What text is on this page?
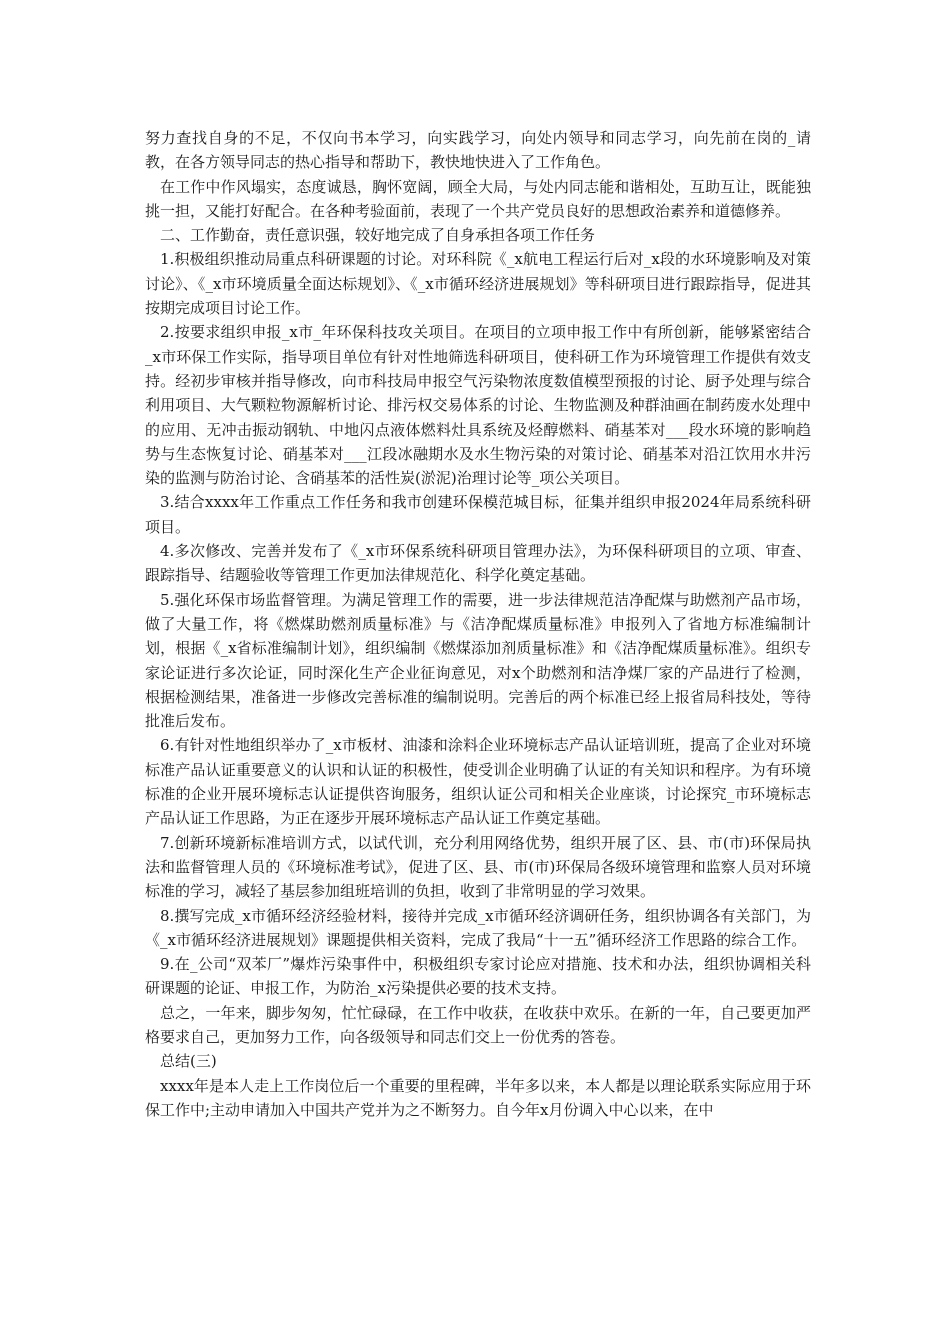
努力查找自身的不足，不仅向书本学习，向实践学习，向处内领导和同志学习，向先前在岗的_请教，在各方领导同志的热心指导和帮助下，教快地快进入了工作角色。

在工作中作风塌实，态度诚恳，胸怀宽阔，顾全大局，与处内同志能和谐相处，互助互让，既能独挑一担，又能打好配合。在各种考验面前，表现了一个共产党员良好的思想政治素养和道德修养。

二、工作勤奋，责任意识强，较好地完成了自身承担各项工作任务

1.积极组织推动局重点科研课题的讨论。对环科院《_x航电工程运行后对_x段的水环境影响及对策讨论》、《_x市环境质量全面达标规划》、《_x市循环经济进展规划》等科研项目进行跟踪指导，促进其按期完成项目讨论工作。

2.按要求组织申报_x市_年环保科技攻关项目。在项目的立项申报工作中有所创新，能够紧密结合_x市环保工作实际，指导项目单位有针对性地筛选科研项目，使科研工作为环境管理工作提供有效支持。经初步审核并指导修改，向市科技局申报空气污染物浓度数值模型预报的讨论、厨予处理与综合利用项目、大气颗粒物源解析讨论、排污权交易体系的讨论、生物监测及种群油画在制药废水处理中的应用、无冲击振动钢轨、中地闪点液体燃料灶具系统及烃醇燃料、硝基苯对___段水环境的影响趋势与生态恢复讨论、硝基苯对___江段冰融期水及水生物污染的对策讨论、硝基苯对沿江饮用水井污染的监测与防治讨论、含硝基苯的活性炭(淤泥)治理讨论等_项公关项目。

3.结合xxxx年工作重点工作任务和我市创建环保模范城目标，征集并组织申报2024年局系统科研项目。

4.多次修改、完善并发布了《_x市环保系统科研项目管理办法》，为环保科研项目的立项、审查、跟踪指导、结题验收等管理工作更加法律规范化、科学化奠定基础。

5.强化环保市场监督管理。为满足管理工作的需要，进一步法律规范洁净配煤与助燃剂产品市场，做了大量工作，将《燃煤助燃剂质量标准》与《洁净配煤质量标准》申报列入了省地方标准编制计划，根据《_x省标准编制计划》，组织编制《燃煤添加剂质量标准》和《洁净配煤质量标准》。组织专家论证进行多次论证，同时深化生产企业征询意见，对x个助燃剂和洁净煤厂家的产品进行了检测，根据检测结果，准备进一步修改完善标准的编制说明。完善后的两个标准已经上报省局科技处，等待批准后发布。

6.有针对性地组织举办了_x市板材、油漆和涂料企业环境标志产品认证培训班，提高了企业对环境标准产品认证重要意义的认识和认证的积极性，使受训企业明确了认证的有关知识和程序。为有环境标准的企业开展环境标志认证提供咨询服务，组织认证公司和相关企业座谈，讨论探究_市环境标志产品认证工作思路，为正在逐步开展环境标志产品认证工作奠定基础。

7.创新环境新标准培训方式，以试代训，充分利用网络优势，组织开展了区、县、市(市)环保局执法和监督管理人员的《环境标准考试》，促进了区、县、市(市)环保局各级环境管理和监察人员对环境标准的学习，减轻了基层参加组班培训的负担，收到了非常明显的学习效果。

8.撰写完成_x市循环经济经验材料，接待并完成_x市循环经济调研任务，组织协调各有关部门，为《_x市循环经济进展规划》课题提供相关资料，完成了我局“十一五”循环经济工作思路的综合工作。

9.在_公司“双苯厂”爆炸污染事件中，积极组织专家讨论应对措施、技术和办法，组织协调相关科研课题的论证、申报工作，为防治_x污染提供必要的技术支持。

总之，一年来，脚步匆匆，忙忙碌碌，在工作中收获，在收获中欢乐。在新的一年，自己要更加严格要求自己，更加努力工作，向各级领导和同志们交上一份优秀的答卷。

总结(三)

xxxx年是本人走上工作岗位后一个重要的里程碑，半年多以来，本人都是以理论联系实际应用于环保工作中;主动申请加入中国共产党并为之不断努力。自今年x月份调入中心以来，在中
